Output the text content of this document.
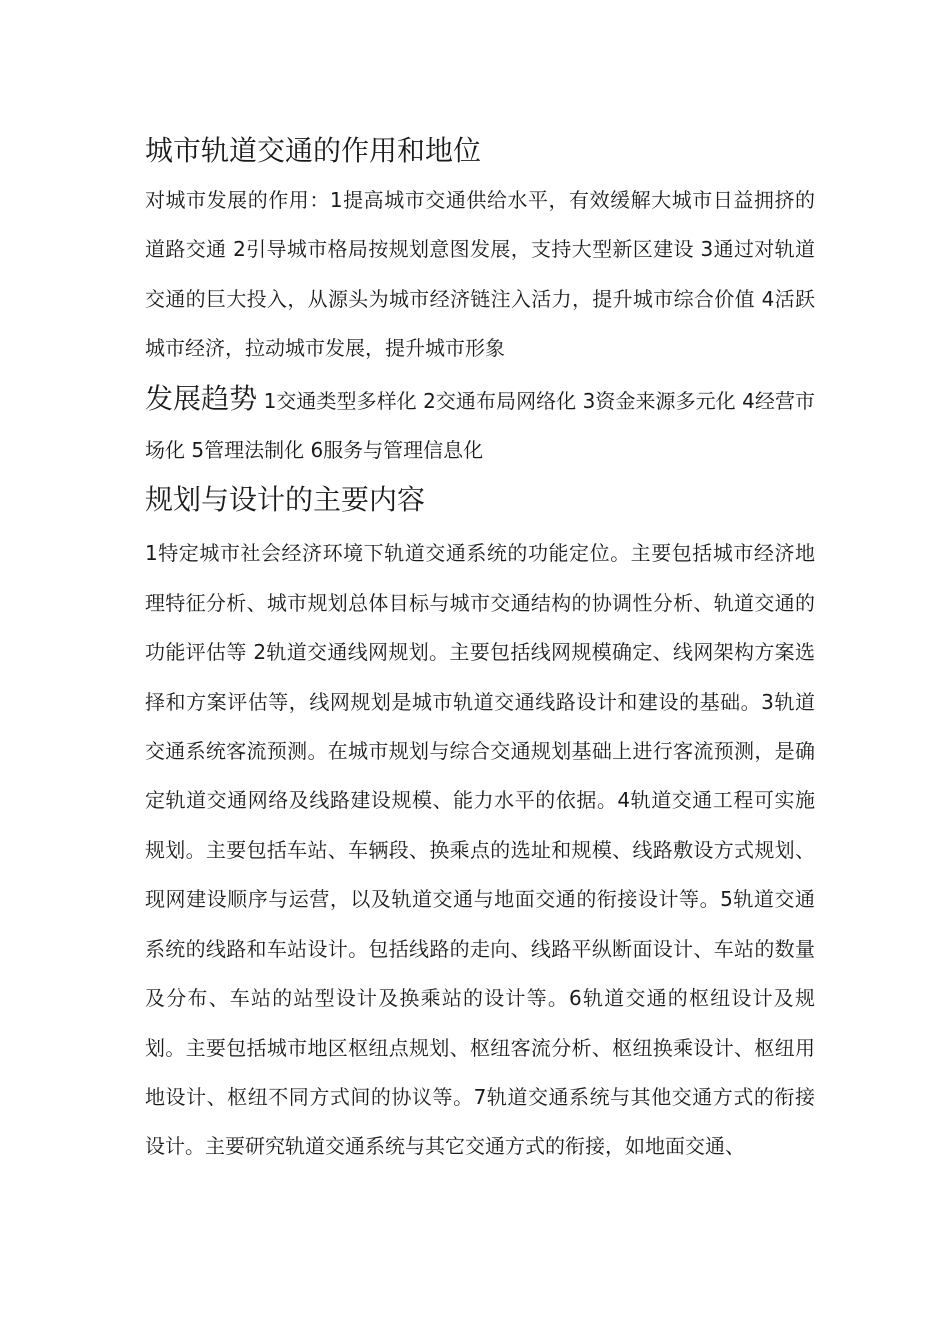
城市轨道交通的作用和地位

对城市发展的作用：1提高城市交通供给水平，有效缓解大城市日益拥挤的道路交通 2引导城市格局按规划意图发展，支持大型新区建设 3通过对轨道交通的巨大投入，从源头为城市经济链注入活力，提升城市综合价值 4活跃城市经济，拉动城市发展，提升城市形象

发展趋势 1交通类型多样化 2交通布局网络化 3资金来源多元化 4经营市场化 5管理法制化 6服务与管理信息化

规划与设计的主要内容

1特定城市社会经济环境下轨道交通系统的功能定位。主要包括城市经济地理特征分析、城市规划总体目标与城市交通结构的协调性分析、轨道交通的功能评估等 2轨道交通线网规划。主要包括线网规模确定、线网架构方案选择和方案评估等，线网规划是城市轨道交通线路设计和建设的基础。3轨道交通系统客流预测。在城市规划与综合交通规划基础上进行客流预测，是确定轨道交通网络及线路建设规模、能力水平的依据。4轨道交通工程可实施规划。主要包括车站、车辆段、换乘点的选址和规模、线路敷设方式规划、现网建设顺序与运营，以及轨道交通与地面交通的衔接设计等。5轨道交通系统的线路和车站设计。包括线路的走向、线路平纵断面设计、车站的数量及分布、车站的站型设计及换乘站的设计等。6轨道交通的枢纽设计及规划。主要包括城市地区枢纽点规划、枢纽客流分析、枢纽换乘设计、枢纽用地设计、枢纽不同方式间的协议等。7轨道交通系统与其他交通方式的衔接设计。主要研究轨道交通系统与其它交通方式的衔接，如地面交通、
